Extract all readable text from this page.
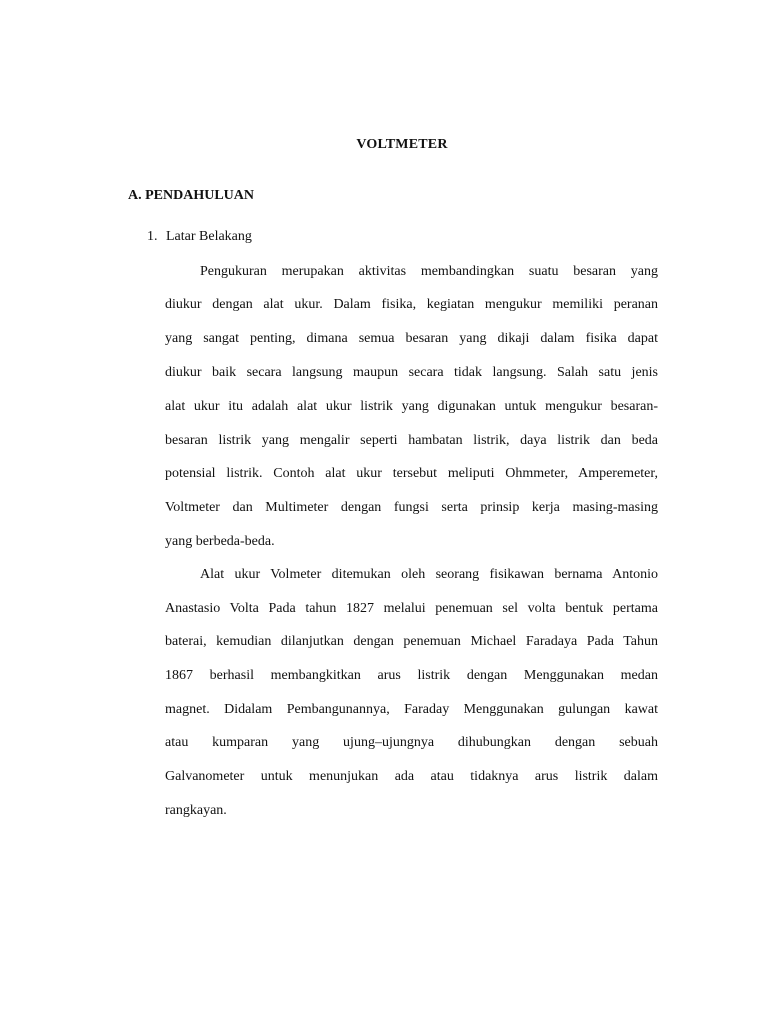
VOLTMETER
A. PENDAHULUAN
1. Latar Belakang
Pengukuran merupakan aktivitas membandingkan suatu besaran yang
diukur dengan alat ukur. Dalam fisika, kegiatan mengukur memiliki peranan
yang sangat penting, dimana semua besaran yang dikaji dalam fisika dapat
diukur baik secara langsung maupun secara tidak langsung. Salah satu jenis
alat ukur itu adalah alat ukur listrik yang digunakan untuk mengukur besaran-
besaran listrik yang mengalir seperti hambatan listrik, daya listrik dan beda
potensial listrik. Contoh alat ukur tersebut meliputi Ohmmeter, Amperemeter,
Voltmeter dan Multimeter dengan fungsi serta prinsip kerja masing-masing
yang berbeda-beda.
Alat ukur Volmeter ditemukan oleh seorang fisikawan bernama Antonio
Anastasio Volta Pada tahun 1827 melalui penemuan sel volta bentuk pertama
baterai, kemudian dilanjutkan dengan penemuan Michael Faradaya Pada Tahun
1867 berhasil membangkitkan arus listrik dengan Menggunakan medan
magnet. Didalam Pembangunannya, Faraday Menggunakan gulungan kawat
atau kumparan yang ujung–ujungnya dihubungkan dengan sebuah
Galvanometer untuk menunjukan ada atau tidaknya arus listrik dalam
rangkayan.
